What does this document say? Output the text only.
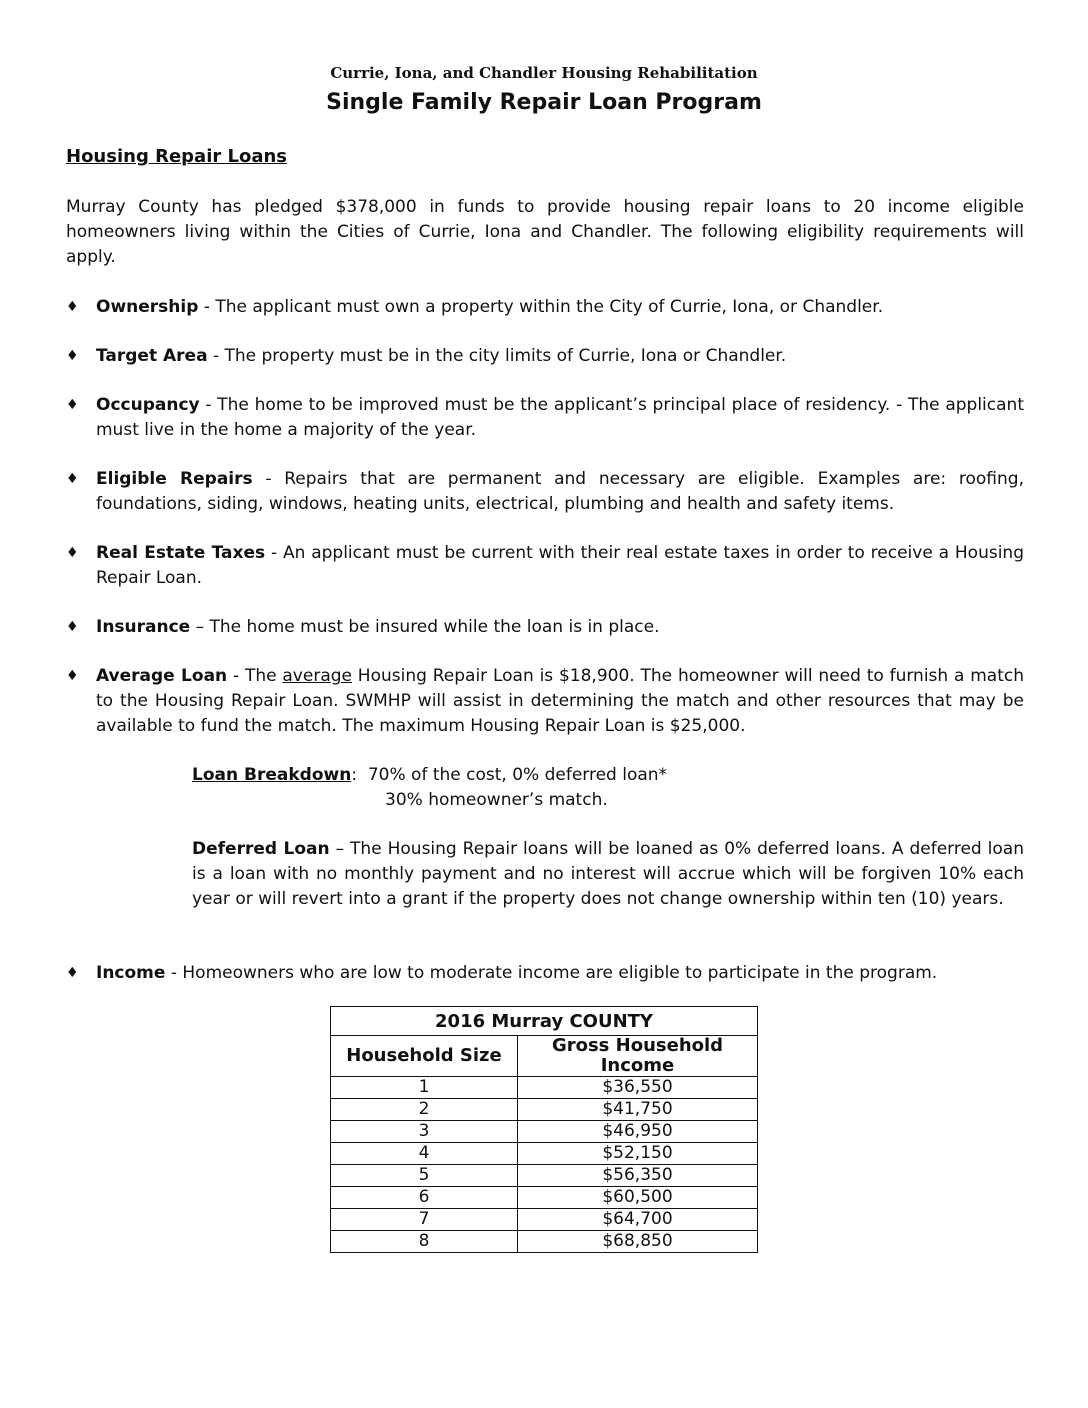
Currie, Iona, and Chandler Housing Rehabilitation
Single Family Repair Loan Program
Housing Repair Loans

Murray County has pledged $378,000 in funds to provide housing repair loans to 20 income eligible homeowners living within the Cities of Currie, Iona and Chandler. The following eligibility requirements will apply.

♦	Ownership - The applicant must own a property within the City of Currie, Iona, or Chandler.
♦	Target Area - The property must be in the city limits of Currie, Iona or Chandler.
♦	Occupancy - The home to be improved must be the applicant’s principal place of residency. - The applicant must live in the home a majority of the year.
♦	Eligible Repairs - Repairs that are permanent and necessary are eligible. Examples are: roofing, foundations, siding, windows, heating units, electrical, plumbing and health and safety items.
♦	Real Estate Taxes - An applicant must be current with their real estate taxes in order to receive a Housing Repair Loan.
♦	Insurance – The home must be insured while the loan is in place.
♦	Average Loan - The average Housing Repair Loan is $18,900. The homeowner will need to furnish a match to the Housing Repair Loan. SWMHP will assist in determining the match and other resources that may be available to fund the match. The maximum Housing Repair Loan is $25,000.
Loan Breakdown:  70% of the cost, 0% deferred loan*
30% homeowner’s match.

Deferred Loan – The Housing Repair loans will be loaned as 0% deferred loans. A deferred loan is a loan with no monthly payment and no interest will accrue which will be forgiven 10% each year or will revert into a grant if the property does not change ownership within ten (10) years.

♦	Income - Homeowners who are low to moderate income are eligible to participate in the program.
2016 Murray COUNTY	
Household Size	Gross Household Income
1	$36,550
2	$41,750
3	$46,950
4	$52,150
5	$56,350
6	$60,500
7	$64,700
8	$68,850
